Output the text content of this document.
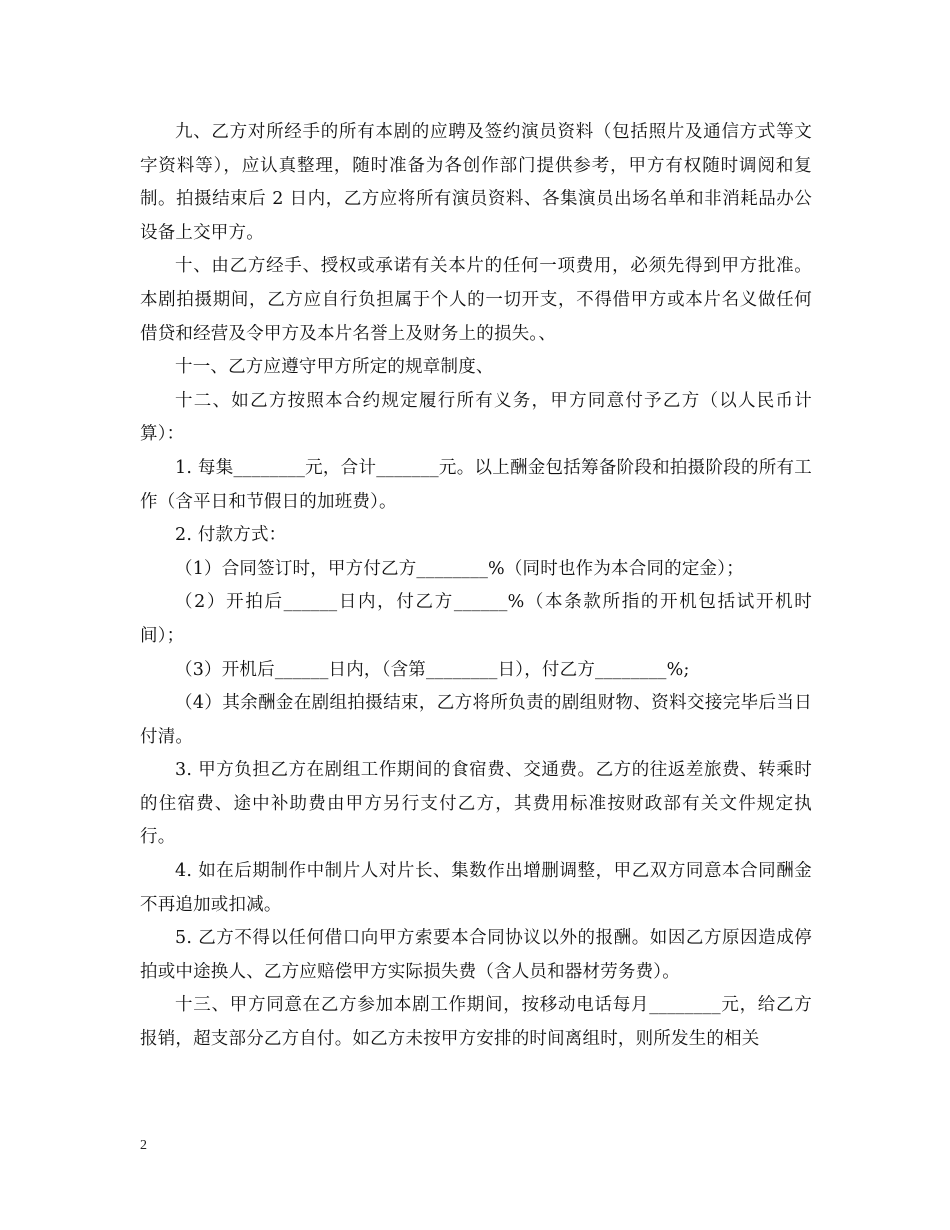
九、乙方对所经手的所有本剧的应聘及签约演员资料（包括照片及通信方式等文字资料等），应认真整理，随时准备为各创作部门提供参考，甲方有权随时调阅和复制。拍摄结束后 2 日内，乙方应将所有演员资料、各集演员出场名单和非消耗品办公设备上交甲方。

十、由乙方经手、授权或承诺有关本片的任何一项费用，必须先得到甲方批准。本剧拍摄期间，乙方应自行负担属于个人的一切开支，不得借甲方或本片名义做任何借贷和经营及令甲方及本片名誉上及财务上的损失。、

十一、乙方应遵守甲方所定的规章制度、

十二、如乙方按照本合约规定履行所有义务，甲方同意付予乙方（以人民币计算）：

1. 每集________元，合计_______元。以上酬金包括筹备阶段和拍摄阶段的所有工作（含平日和节假日的加班费）。

2. 付款方式：

（1）合同签订时，甲方付乙方________%（同时也作为本合同的定金）；

（2）开拍后______日内，付乙方______%（本条款所指的开机包括试开机时间）；

（3）开机后______日内，（含第________日），付乙方________%;

（4）其余酬金在剧组拍摄结束，乙方将所负责的剧组财物、资料交接完毕后当日付清。

3. 甲方负担乙方在剧组工作期间的食宿费、交通费。乙方的往返差旅费、转乘时的住宿费、途中补助费由甲方另行支付乙方，其费用标准按财政部有关文件规定执行。

4. 如在后期制作中制片人对片长、集数作出增删调整，甲乙双方同意本合同酬金不再追加或扣减。

5. 乙方不得以任何借口向甲方索要本合同协议以外的报酬。如因乙方原因造成停拍或中途换人、乙方应赔偿甲方实际损失费（含人员和器材劳务费）。

十三、甲方同意在乙方参加本剧工作期间，按移动电话每月________元，给乙方报销，超支部分乙方自付。如乙方未按甲方安排的时间离组时，则所发生的相关

2
